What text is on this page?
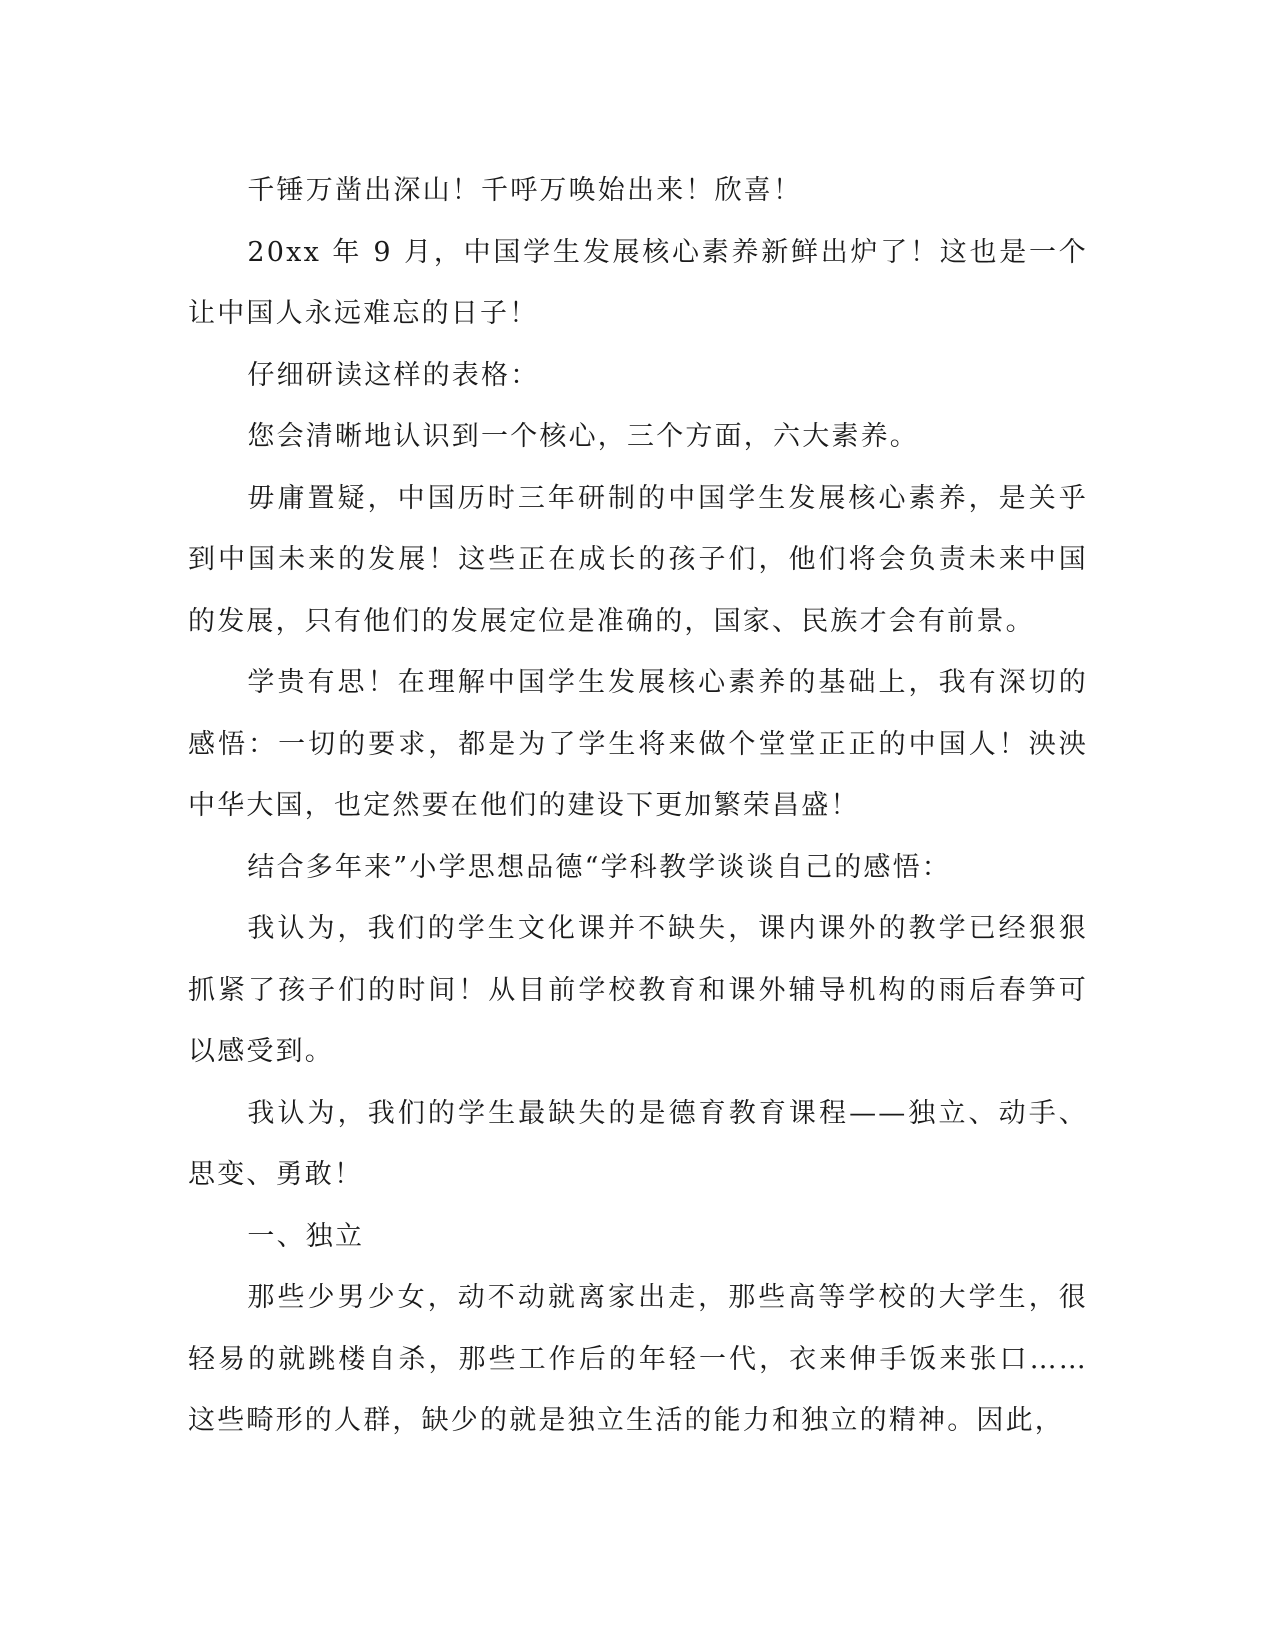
千锤万凿出深山！千呼万唤始出来！欣喜！

20xx 年 9 月，中国学生发展核心素养新鲜出炉了！这也是一个让中国人永远难忘的日子！

仔细研读这样的表格：

您会清晰地认识到一个核心，三个方面，六大素养。

毋庸置疑，中国历时三年研制的中国学生发展核心素养，是关乎到中国未来的发展！这些正在成长的孩子们，他们将会负责未来中国的发展，只有他们的发展定位是准确的，国家、民族才会有前景。

学贵有思！在理解中国学生发展核心素养的基础上，我有深切的感悟：一切的要求，都是为了学生将来做个堂堂正正的中国人！泱泱中华大国，也定然要在他们的建设下更加繁荣昌盛！

结合多年来”小学思想品德“学科教学谈谈自己的感悟：

我认为，我们的学生文化课并不缺失，课内课外的教学已经狠狠抓紧了孩子们的时间！从目前学校教育和课外辅导机构的雨后春笋可以感受到。

我认为，我们的学生最缺失的是德育教育课程——独立、动手、思变、勇敢！

一、独立

那些少男少女，动不动就离家出走，那些高等学校的大学生，很轻易的就跳楼自杀，那些工作后的年轻一代，衣来伸手饭来张口……这些畸形的人群，缺少的就是独立生活的能力和独立的精神。因此，
